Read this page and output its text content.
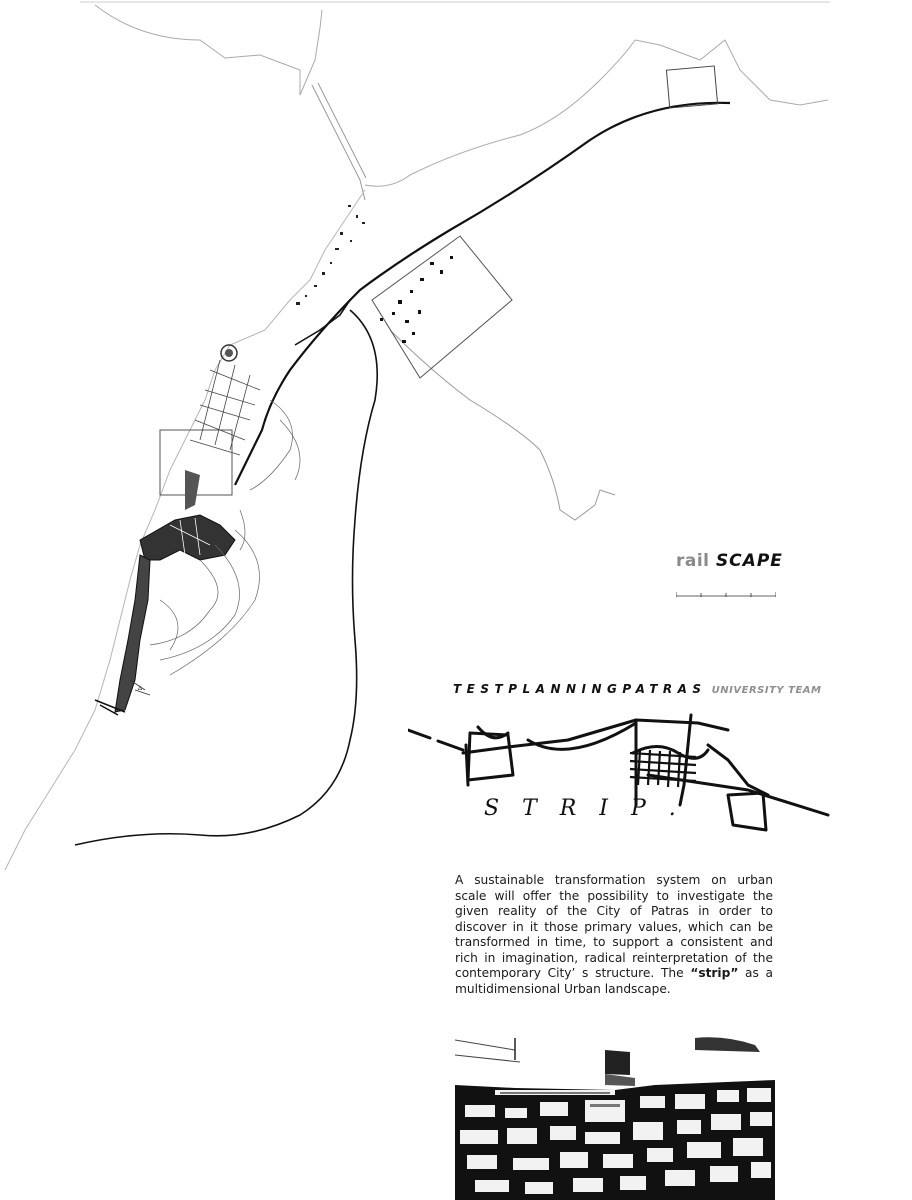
∆
rail SCAPE
TESTPLANNINGPATRAS UNIVERSITY TEAM
S T R I P .
A sustainable transformation system on urban scale will offer the possibility to investigate the given reality of the City of Patras in order to discover in it those primary values, which can be transformed in time, to support a consistent and rich in imagination, radical reinterpretation of the contemporary City’ s structure. The “strip” as a multidimensional Urban landscape.
